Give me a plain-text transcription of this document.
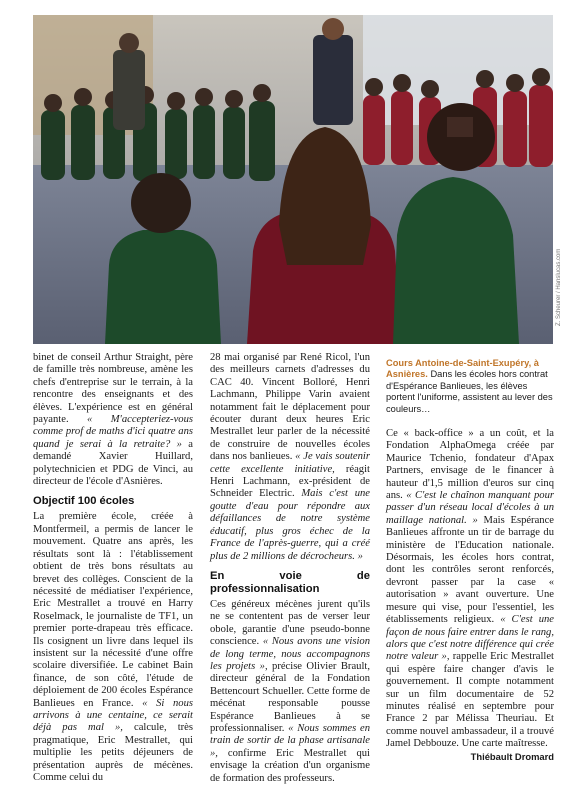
Z. Scheurer / Hanslucas.com

binet de conseil Arthur Straight, père de famille très nombreuse, amène les chefs d'entreprise sur le terrain, à la rencontre des enseignants et des élèves. L'expérience est en général payante. « M'accepteriez-vous comme prof de maths d'ici quatre ans quand je serai à la retraite? » a demandé Xavier Huillard, polytechnicien et PDG de Vinci, au directeur de l'école d'Asnières.

Objectif 100 écoles

La première école, créée à Montfermeil, a permis de lancer le mouvement. Quatre ans après, les résultats sont là : l'établissement obtient de très bons résultats au brevet des collèges. Conscient de la nécessité de médiatiser l'expérience, Eric Mestrallet a trouvé en Harry Roselmack, le journaliste de TF1, un premier porte-drapeau très efficace. Ils cosignent un livre dans lequel ils insistent sur la nécessité d'une offre scolaire diversifiée. Le cabinet Bain finance, de son côté, l'étude de déploiement de 200 écoles Espérance Banlieues en France. « Si nous arrivons à une centaine, ce serait déjà pas mal », calcule, très pragmatique, Eric Mestrallet, qui multiplie les petits déjeuners de présentation auprès de mécènes. Comme celui du

28 mai organisé par René Ricol, l'un des meilleurs carnets d'adresses du CAC 40. Vincent Bolloré, Henri Lachmann, Philippe Varin avaient notamment fait le déplacement pour écouter durant deux heures Eric Mestrallet leur parler de la nécessité de construire de nouvelles écoles dans nos banlieues. « Je vais soutenir cette excellente initiative, réagit Henri Lachmann, ex-président de Schneider Electric. Mais c'est une goutte d'eau pour répondre aux défaillances de notre système éducatif, plus gros échec de la France de l'après-guerre, qui a créé plus de 2 millions de décrocheurs. »

En voie de professionnalisation

Ces généreux mécènes jurent qu'ils ne se contentent pas de verser leur obole, garantie d'une pseudo-bonne conscience. « Nous avons une vision de long terme, nous accompagnons les projets », précise Olivier Brault, directeur général de la Fondation Bettencourt Schueller. Cette forme de mécénat responsable pousse Espérance Banlieues à se professionnaliser. « Nous sommes en train de sortir de la phase artisanale », confirme Eric Mestrallet qui envisage la création d'un organisme de formation des professeurs.

Cours Antoine-de-Saint-Exupéry, à Asnières. Dans les écoles hors contrat d'Espérance Banlieues, les élèves portent l'uniforme, assistent au lever des couleurs…

Ce « back-office » a un coût, et la Fondation AlphaOmega créée par Maurice Tchenio, fondateur d'Apax Partners, envisage de le financer à hauteur d'1,5 million d'euros sur cinq ans. « C'est le chaînon manquant pour passer d'un réseau local d'écoles à un maillage national. » Mais Espérance Banlieues affronte un tir de barrage du ministère de l'Education nationale. Désormais, les écoles hors contrat, dont les contrôles seront renforcés, devront passer par la case « autorisation » avant ouverture. Une mesure qui vise, pour l'essentiel, les établissements religieux. « C'est une façon de nous faire entrer dans le rang, alors que c'est notre différence qui crée notre valeur », rappelle Eric Mestrallet qui espère faire changer d'avis le gouvernement. Il compte notamment sur un film documentaire de 52 minutes réalisé en septembre pour France 2 par Mélissa Theuriau. Et comme nouvel ambassadeur, il a trouvé Jamel Debbouze. Une carte maîtresse.
Thiébault Dromard
